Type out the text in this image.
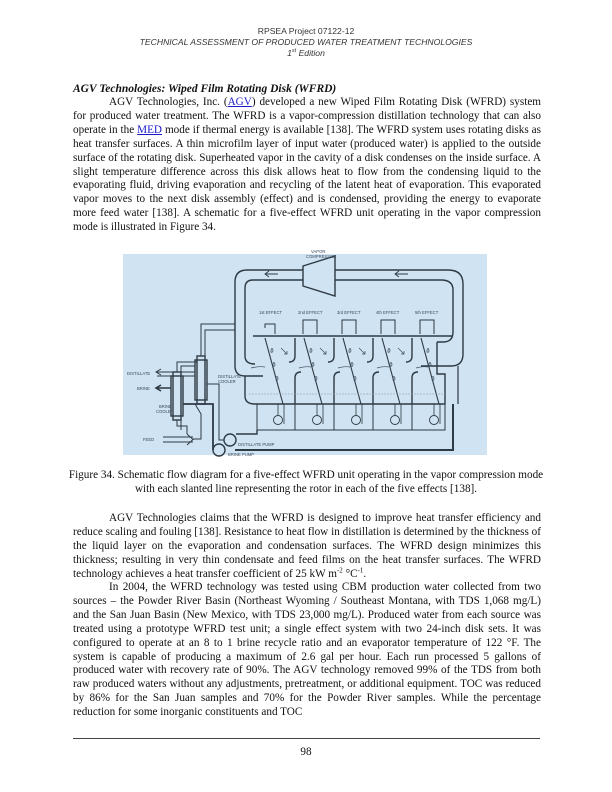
RPSEA Project 07122-12
TECHNICAL ASSESSMENT OF PRODUCED WATER TREATMENT TECHNOLOGIES
1st Edition
AGV Technologies: Wiped Film Rotating Disk (WFRD)

AGV Technologies, Inc. (AGV) developed a new Wiped Film Rotating Disk (WFRD) system for produced water treatment. The WFRD is a vapor-compression distillation technology that can also operate in the MED mode if thermal energy is available [138]. The WFRD system uses rotating disks as heat transfer surfaces. A thin microfilm layer of input water (produced water) is applied to the outside surface of the rotating disk. Superheated vapor in the cavity of a disk condenses on the inside surface. A slight temperature difference across this disk allows heat to flow from the condensing liquid to the evaporating fluid, driving evaporation and recycling of the latent heat of evaporation. This evaporated vapor moves to the next disk assembly (effect) and is condensed, providing the energy to evaporate more feed water [138]. A schematic for a five-effect WFRD unit operating in the vapor compression mode is illustrated in Figure 34.

VAPOR
COMPRESSOR
1st EFFECT	2nd EFFECT	3rd EFFECT	4th EFFECT	5th EFFECT
DISTILLATE
BRINE
DISTILLATE
COOLER
BRINE
COOLER
FEED
DISTILLATE PUMP
BRINE PUMP
Figure 34. Schematic flow diagram for a five-effect WFRD unit operating in the vapor compression mode with each slanted line representing the rotor in each of the five effects [138].

AGV Technologies claims that the WFRD is designed to improve heat transfer efficiency and reduce scaling and fouling [138]. Resistance to heat flow in distillation is determined by the thickness of the liquid layer on the evaporation and condensation surfaces. The WFRD design minimizes this thickness; resulting in very thin condensate and feed films on the heat transfer surfaces. The WFRD technology achieves a heat transfer coefficient of 25 kW $m^{-2}$ $^\circ C^{-1}$.

In 2004, the WFRD technology was tested using CBM production water collected from two sources – the Powder River Basin (Northeast Wyoming / Southeast Montana, with TDS 1,068 mg/L) and the San Juan Basin (New Mexico, with TDS 23,000 mg/L). Produced water from each source was treated using a prototype WFRD test unit; a single effect system with two 24-inch disk sets. It was configured to operate at an 8 to 1 brine recycle ratio and an evaporator temperature of 122 °F. The system is capable of producing a maximum of 2.6 gal per hour. Each run processed 5 gallons of produced water with recovery rate of 90%. The AGV technology removed 99% of the TDS from both raw produced waters without any adjustments, pretreatment, or additional equipment. TOC was reduced by 86% for the San Juan samples and 70% for the Powder River samples. While the percentage reduction for some inorganic constituents and TOC

98
